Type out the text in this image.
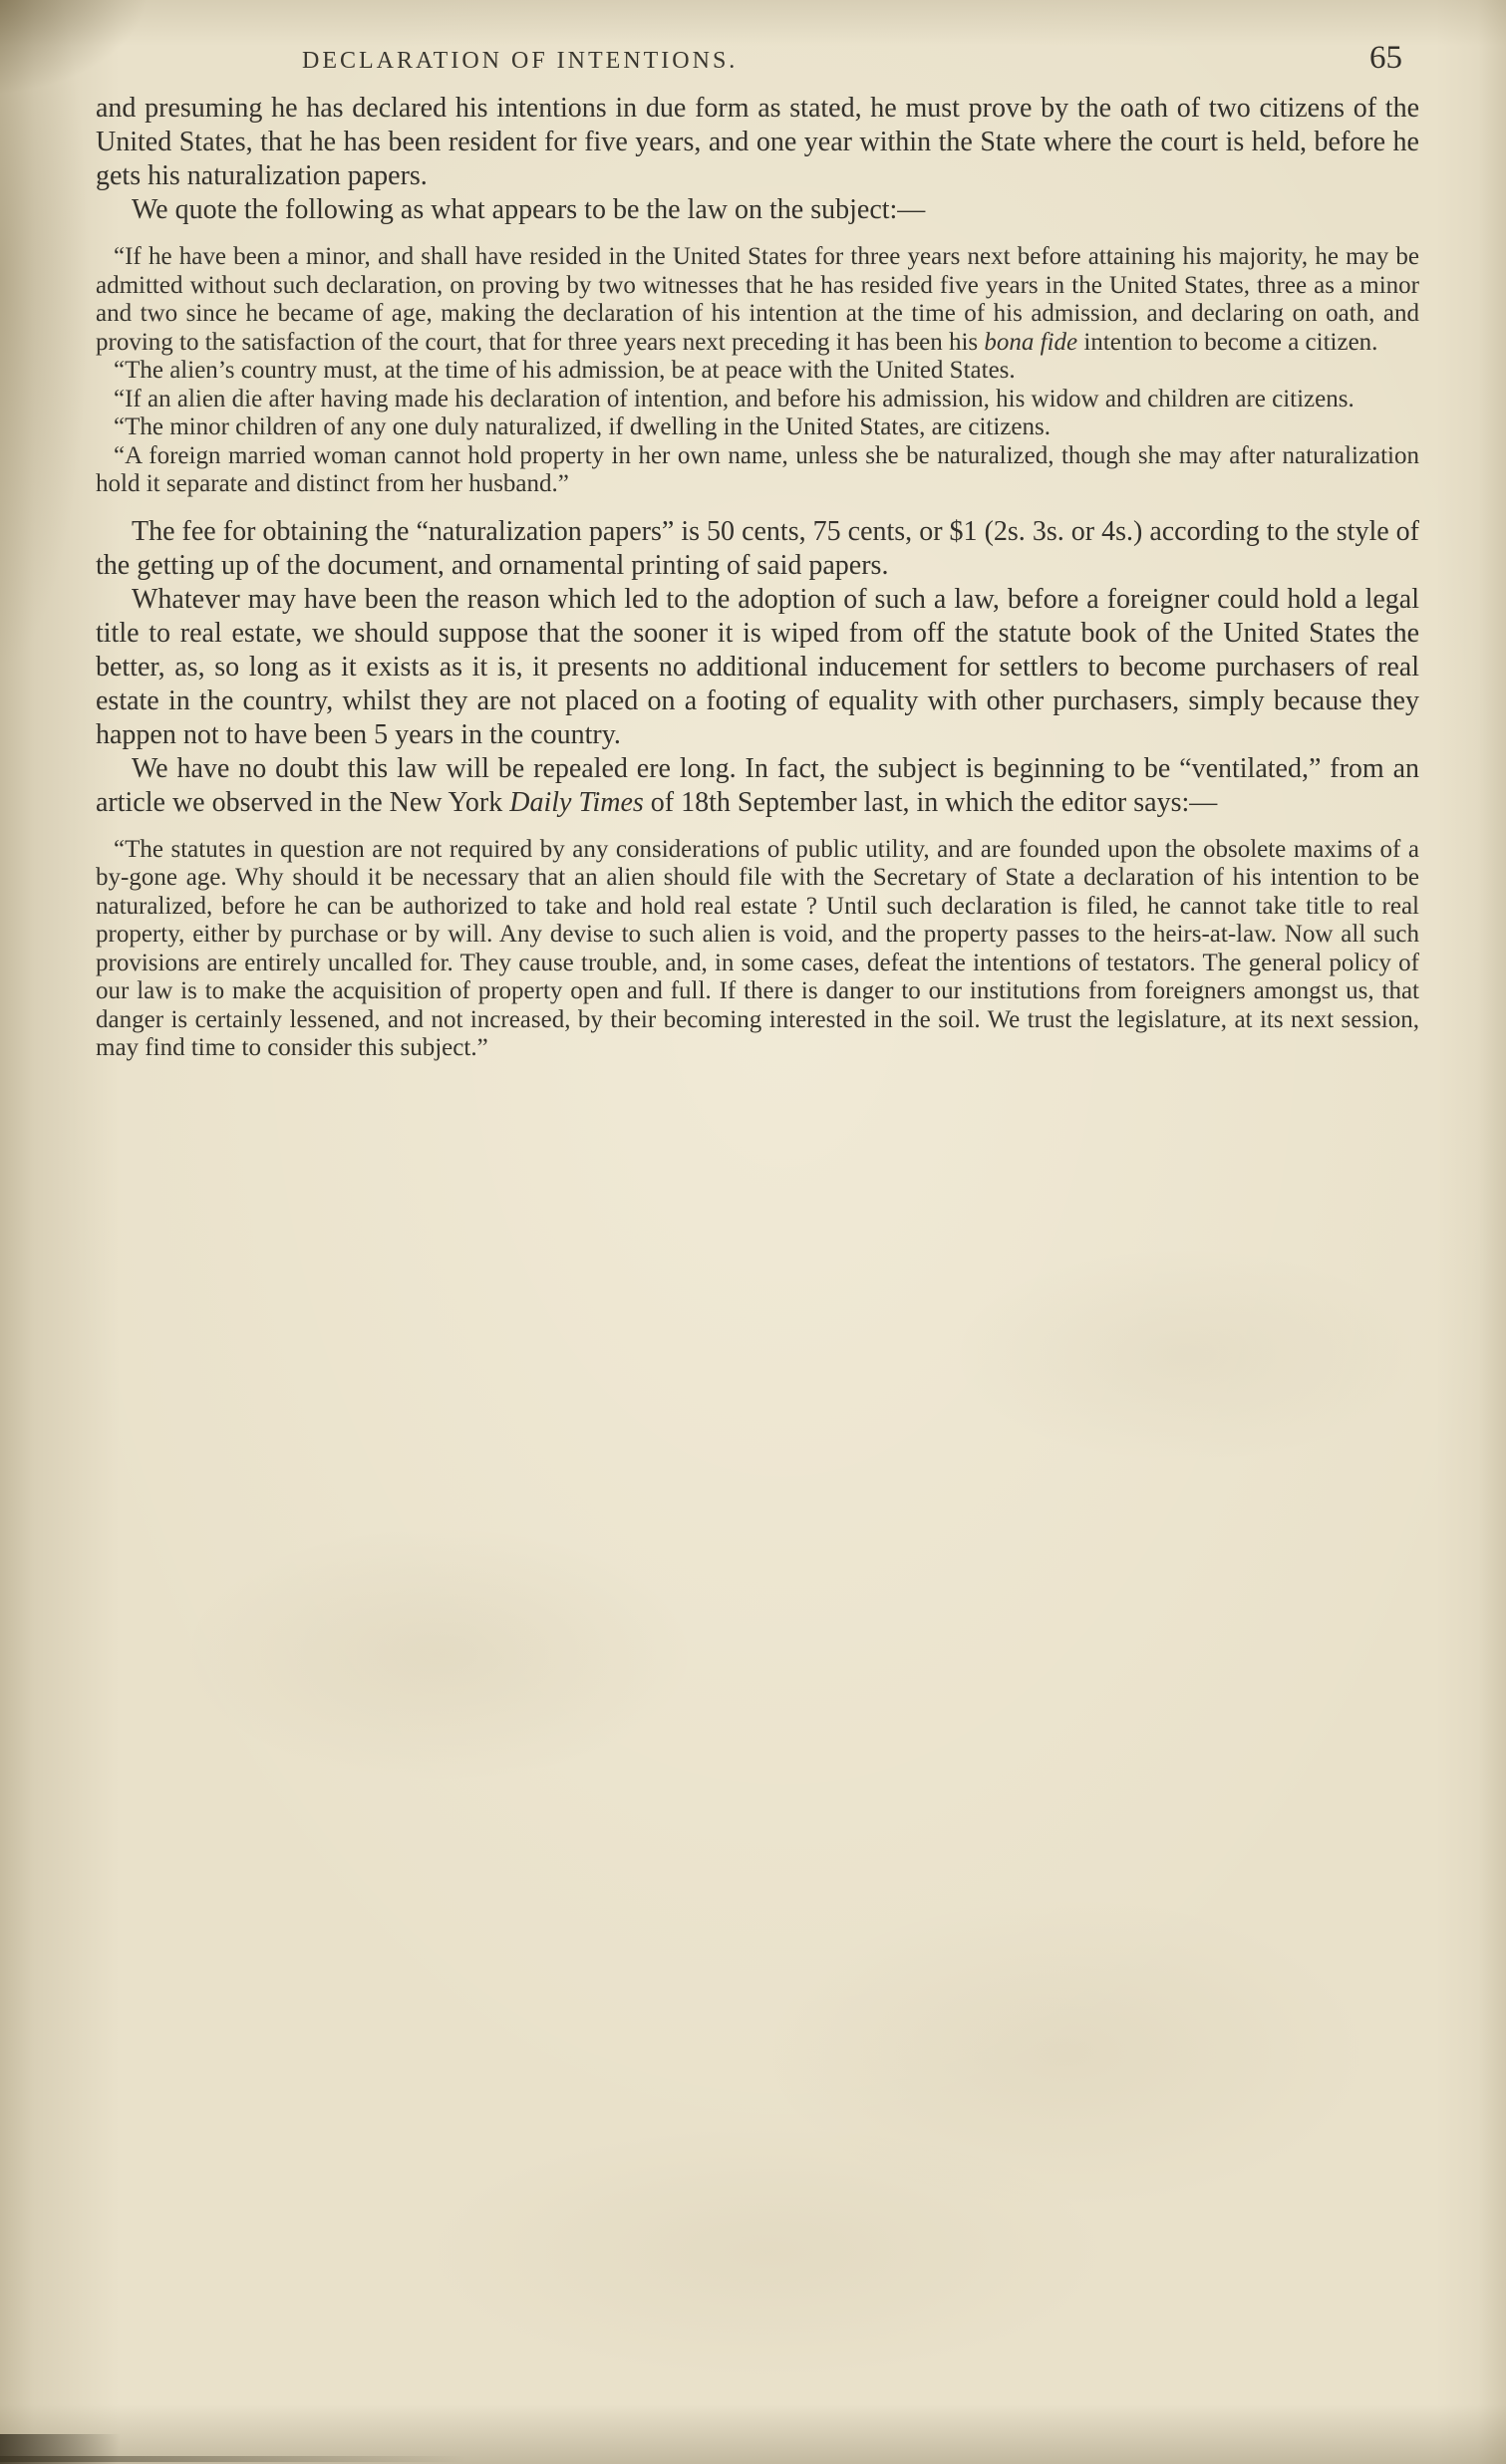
DECLARATION OF INTENTIONS.	65

and presuming he has declared his intentions in due form as stated, he must prove by the oath of two citizens of the United States, that he has been resident for five years, and one year within the State where the court is held, before he gets his naturalization papers.

We quote the following as what appears to be the law on the subject:—

“If he have been a minor, and shall have resided in the United States for three years next before attaining his majority, he may be admitted without such declaration, on proving by two witnesses that he has resided five years in the United States, three as a minor and two since he became of age, making the declaration of his intention at the time of his admission, and declaring on oath, and proving to the satisfaction of the court, that for three years next preceding it has been his bona fide intention to become a citizen.

“The alien’s country must, at the time of his admission, be at peace with the United States.

“If an alien die after having made his declaration of intention, and before his admission, his widow and children are citizens.

“The minor children of any one duly naturalized, if dwelling in the United States, are citizens.

“A foreign married woman cannot hold property in her own name, unless she be naturalized, though she may after naturalization hold it separate and distinct from her husband.”

The fee for obtaining the “naturalization papers” is 50 cents, 75 cents, or $1 (2s. 3s. or 4s.) according to the style of the getting up of the document, and ornamental printing of said papers.

Whatever may have been the reason which led to the adoption of such a law, before a foreigner could hold a legal title to real estate, we should suppose that the sooner it is wiped from off the statute book of the United States the better, as, so long as it exists as it is, it presents no additional inducement for settlers to become purchasers of real estate in the country, whilst they are not placed on a footing of equality with other purchasers, simply because they happen not to have been 5 years in the country.

We have no doubt this law will be repealed ere long. In fact, the subject is beginning to be “ventilated,” from an article we observed in the New York Daily Times of 18th September last, in which the editor says:—

“The statutes in question are not required by any considerations of public utility, and are founded upon the obsolete maxims of a by-gone age. Why should it be necessary that an alien should file with the Secretary of State a declaration of his intention to be naturalized, before he can be authorized to take and hold real estate ? Until such declaration is filed, he cannot take title to real property, either by purchase or by will. Any devise to such alien is void, and the property passes to the heirs-at-law. Now all such provisions are entirely uncalled for. They cause trouble, and, in some cases, defeat the intentions of testators. The general policy of our law is to make the acquisition of property open and full. If there is danger to our institutions from foreigners amongst us, that danger is certainly lessened, and not increased, by their becoming interested in the soil. We trust the legislature, at its next session, may find time to consider this subject.”
